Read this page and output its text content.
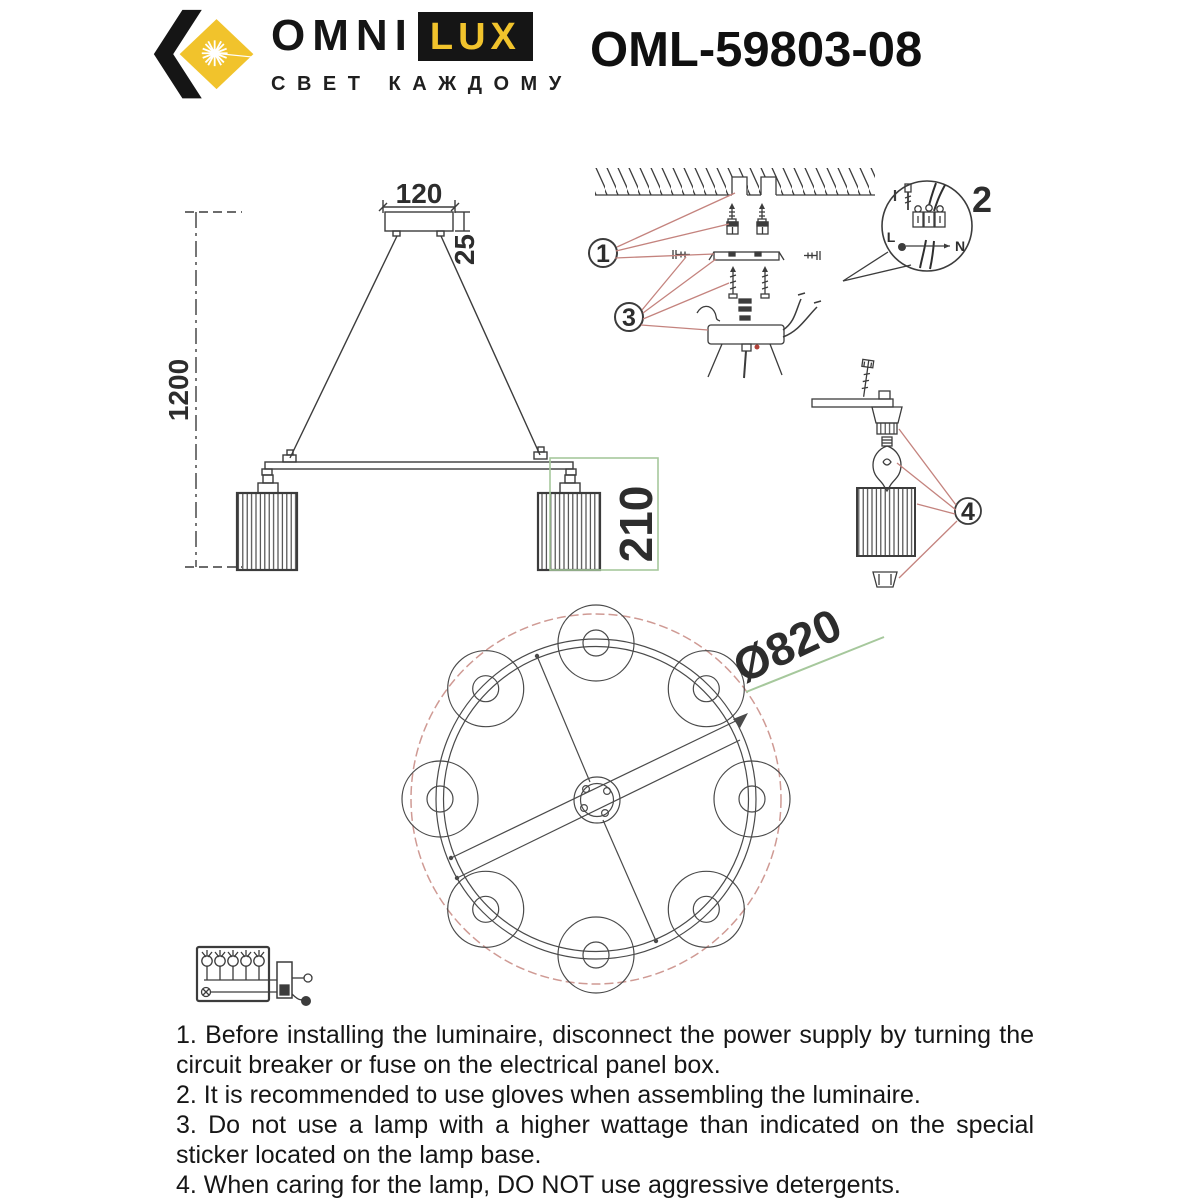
OMNI LUX
СВЕТ КАЖДОМУ
OML-59803-08
120
25
1200
210
1
3
2
L
N
4
Ø820

1. Before installing the luminaire, disconnect the power supply by turning the circuit breaker or fuse on the electrical panel box.

2. It is recommended to use gloves when assembling the luminaire.

3. Do not use a lamp with a higher wattage than indicated on the special sticker located on the lamp base.

4. When caring for the lamp, DO NOT use aggressive detergents.
